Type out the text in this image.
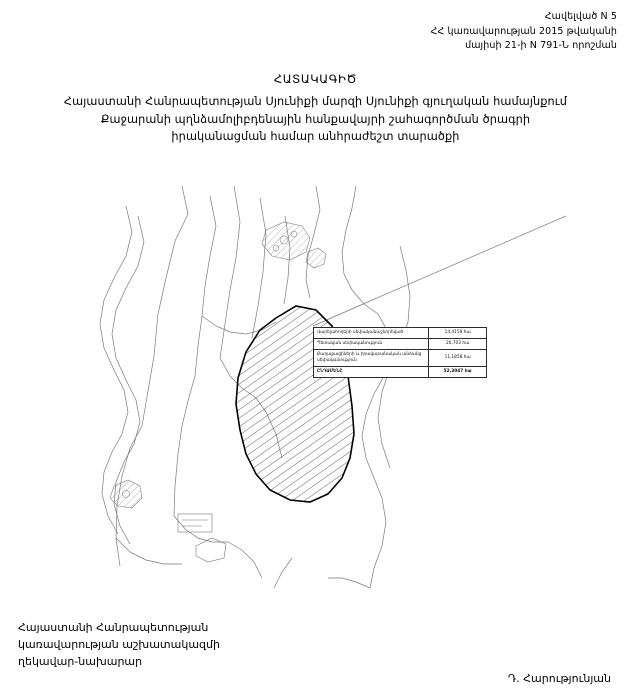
Հավելված N 5
ՀՀ կառավարության 2015 թվականի
մայիսի 21-ի N 791-Ն որոշման
ՀԱՏԱԿԱԳԻԾ
Հայաստանի Հանրապետության Սյունիքի մարզի Սյունիքի գյուղական համայնքում
Քաջարանի պղնձամոլիբդենային հանքավայրի շահագործման ծրագրի
իրականացման համար անհրաժեշտ տարածքի
Վարելահողերի սեփականաշնորհված	14,4159 հա
Պետական սեփականություն	26,703 հա
Քաղաքացիների և իրավաբանական անձանց սեփականություն	11,1858 հա
ԸՆԴԱՄԵՆԸ	52,3047 հա
Հայաստանի Հանրապետության
կառավարության աշխատակազմի
ղեկավար-նախարար
Դ. Հարությունյան
